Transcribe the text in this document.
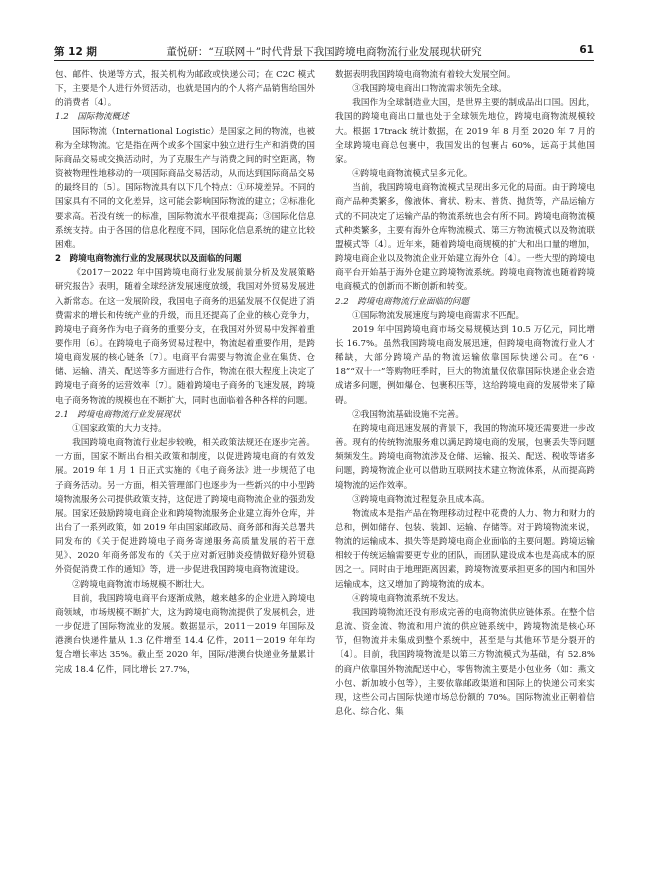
第 12 期	董悦研：“互联网＋”时代背景下我国跨境电商物流行业发展现状研究	61

包、邮件、快递等方式，报关机构为邮政或快递公司；在 C2C 模式下，主要是个人进行外贸活动，也就是国内的个人将产品销售给国外的消费者〔4〕。

1.2　国际物流概述

国际物流（International Logistic）是国家之间的物流，也被称为全球物流。它是指在两个或多个国家中独立进行生产和消费的国际商品交易或交换活动时，为了克服生产与消费之间的时空距离，物资被物理性地移动的一项国际商品交易活动，从而达到国际商品交易的最终目的〔5〕。国际物流具有以下几个特点：①环境差异。不同的国家具有不同的文化差异，这可能会影响国际物流的建立；②标准化要求高。若没有统一的标准，国际物流水平很难提高；③国际化信息系统支持。由于各国的信息化程度不同，国际化信息系统的建立比较困难。

2　跨境电商物流行业的发展现状以及面临的问题

《2017－2022 年中国跨境电商行业发展前景分析及发展策略研究报告》表明，随着全球经济发展速度放缓，我国对外贸易发展进入新常态。在这一发展阶段，我国电子商务的迅猛发展不仅促进了消费需求的增长和传统产业的升级，而且还提高了企业的核心竞争力，跨境电子商务作为电子商务的重要分支，在我国对外贸易中发挥着重要作用〔6〕。在跨境电子商务贸易过程中，物流起着重要作用，是跨境电商发展的核心链条〔7〕。电商平台需要与物流企业在集货、仓储、运输、清关、配送等多方面进行合作，物流在很大程度上决定了跨境电子商务的运营效率〔7〕。随着跨境电子商务的飞速发展，跨境电子商务物流的规模也在不断扩大，同时也面临着各种各样的问题。

2.1　跨境电商物流行业发展现状

①国家政策的大力支持。

我国跨境电商物流行业起步较晚，相关政策法规还在逐步完善。一方面，国家不断出台相关政策和制度，以促进跨境电商的有效发展。2019 年 1 月 1 日正式实施的《电子商务法》进一步规范了电子商务活动。另一方面，相关管理部门也逐步为一些新兴的中小型跨境物流服务公司提供政策支持，这促进了跨境电商物流企业的强劲发展。国家还鼓励跨境电商企业和跨境物流服务企业建立海外仓库，并出台了一系列政策，如 2019 年由国家邮政局、商务部和海关总署共同发布的《关于促进跨境电子商务寄递服务高质量发展的若干意见》、2020 年商务部发布的《关于应对新冠肺炎疫情做好稳外贸稳外资促消费工作的通知》等，进一步促进我国跨境电商物流建设。

②跨境电商物流市场规模不断壮大。

目前，我国跨境电商平台逐渐成熟，越来越多的企业进入跨境电商领域，市场规模不断扩大，这为跨境电商物流提供了发展机会，进一步促进了国际物流业的发展。数据显示，2011－2019 年国际及港澳台快递件量从 1.3 亿件增至 14.4 亿件，2011－2019 年年均复合增长率达 35%。截止至 2020 年，国际/港澳台快递业务量累计完成 18.4 亿件，同比增长 27.7%，

数据表明我国跨境电商物流有着较大发展空间。

③我国跨境电商出口物流需求领先全球。

我国作为全球制造业大国，是世界主要的制成品出口国。因此，我国的跨境电商出口量也处于全球领先地位，跨境电商物流规模较大。根据 17track 统计数据，在 2019 年 8 月至 2020 年 7 月的全球跨境电商总包裹中，我国发出的包裹占 60%，远高于其他国家。

④跨境电商物流模式呈多元化。

当前，我国跨境电商物流模式呈现出多元化的局面。由于跨境电商产品种类繁多，像液体、膏状、粉末、普货、抛货等，产品运输方式的不同决定了运输产品的物流系统也会有所不同。跨境电商物流模式种类繁多，主要有海外仓库物流模式、第三方物流模式以及物流联盟模式等〔4〕。近年来，随着跨境电商规模的扩大和出口量的增加，跨境电商企业以及物流企业开始建立海外仓〔4〕。一些大型的跨境电商平台开始基于海外仓建立跨境物流系统。跨境电商物流也随着跨境电商模式的创新而不断创新和转变。

2.2　跨境电商物流行业面临的问题

①国际物流发展速度与跨境电商需求不匹配。

2019 年中国跨境电商市场交易规模达到 10.5 万亿元，同比增长 16.7%。虽然我国跨境电商发展迅速，但跨境电商物流行业人才稀缺，大部分跨境产品的物流运输依靠国际快递公司。在“6 · 18”“双十一”等购物旺季时，巨大的物流量仅依靠国际快递企业会造成诸多问题，例如爆仓、包裹积压等，这给跨境电商的发展带来了障碍。

②我国物流基础设施不完善。

在跨境电商迅速发展的背景下，我国的物流环境还需要进一步改善。现有的传统物流服务难以满足跨境电商的发展，包裹丢失等问题频频发生。跨境电商物流涉及仓储、运输、报关、配送、税收等诸多问题，跨境物流企业可以借助互联网技术建立物流体系，从而提高跨境物流的运作效率。

③跨境电商物流过程复杂且成本高。

物流成本是指产品在物理移动过程中花费的人力、物力和财力的总和，例如储存、包装、装卸、运输、存储等。对于跨境物流来说，物流的运输成本、损失等是跨境电商企业面临的主要问题。跨境运输相较于传统运输需要更专业的团队，而团队建设成本也是高成本的原因之一。同时由于地理距离因素，跨境物流要承担更多的国内和国外运输成本，这又增加了跨境物流的成本。

④跨境电商物流系统不发达。

我国跨境物流还没有形成完善的电商物流供应链体系。在整个信息流、资金流、物流和用户流的供应链系统中，跨境物流是核心环节，但物流并未集成到整个系统中，甚至是与其他环节是分裂开的〔4〕。目前，我国跨境物流是以第三方物流模式为基础，有 52.8% 的商户依靠国外物流配送中心，零售物流主要是小包业务（如：燕文小包、新加坡小包等），主要依靠邮政渠道和国际上的快递公司来实现，这些公司占国际快递市场总份额的 70%。国际物流业正朝着信息化、综合化、集
